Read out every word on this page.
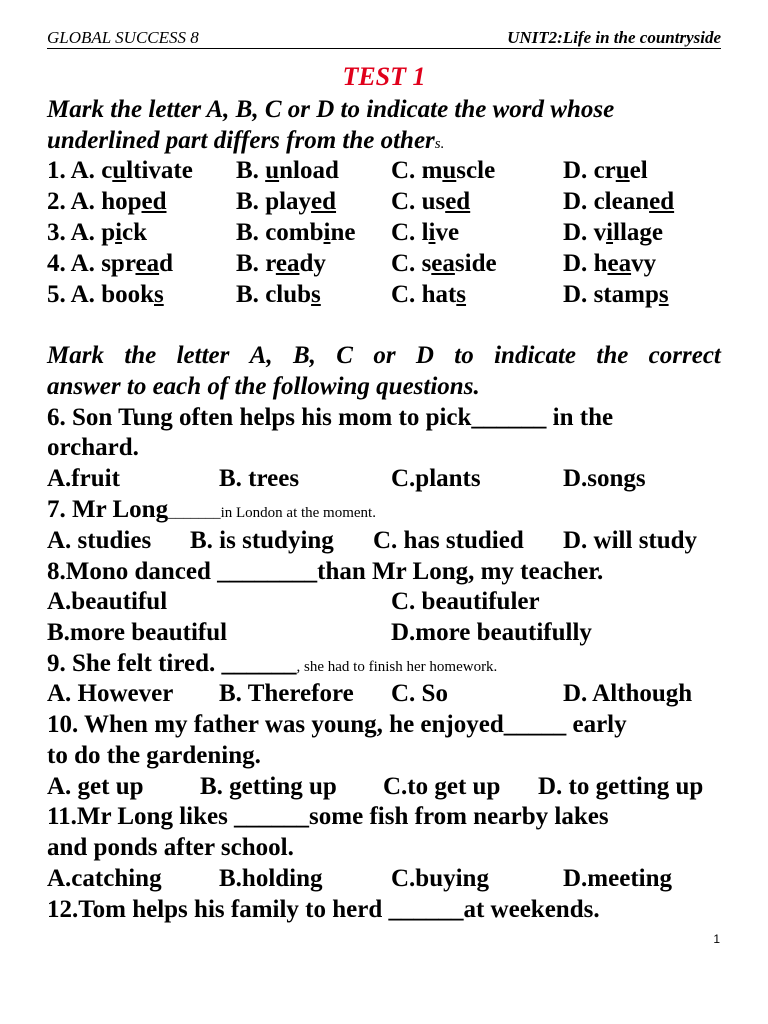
GLOBAL SUCCESS 8	UNIT2:Life in the countryside
TEST 1
Mark the letter A, B, C or D to indicate the word whose
underlined part differs from the others.
1. A. cultivate B. unload C. muscle	D. cruel
2. A. hoped	B. played C. used	D. cleaned
3. A. pick	B. combine C. live	D. village
4. A. spread	B. ready	C. seaside	D. heavy
5. A. books	B. clubs	C. hats	D. stamps
Mark the letter A, B, C or D to indicate the correct
answer to each of the following questions.
6. Son Tung often helps his mom to pick______ in the
orchard.
A.fruit	B. trees	C.plants	D.songs
7. Mr Long_______in London at the moment.
A. studies B. is studying C. has studied D. will study
8.Mono danced ________than Mr Long, my teacher.
A.beautiful	C. beautifuler
B.more beautiful	D.more beautifully
9. She felt tired. ______, she had to finish her homework.
A. However B. Therefore C. So	D. Although
10. When my father was young, he enjoyed_____ early
to do the gardening.
A. get up B. getting up C.to get up D. to getting up
11.Mr Long likes ______some fish from nearby lakes
and ponds after school.
A.catching B.holding	C.buying	D.meeting
12.Tom helps his family to herd ______at weekends.
1
